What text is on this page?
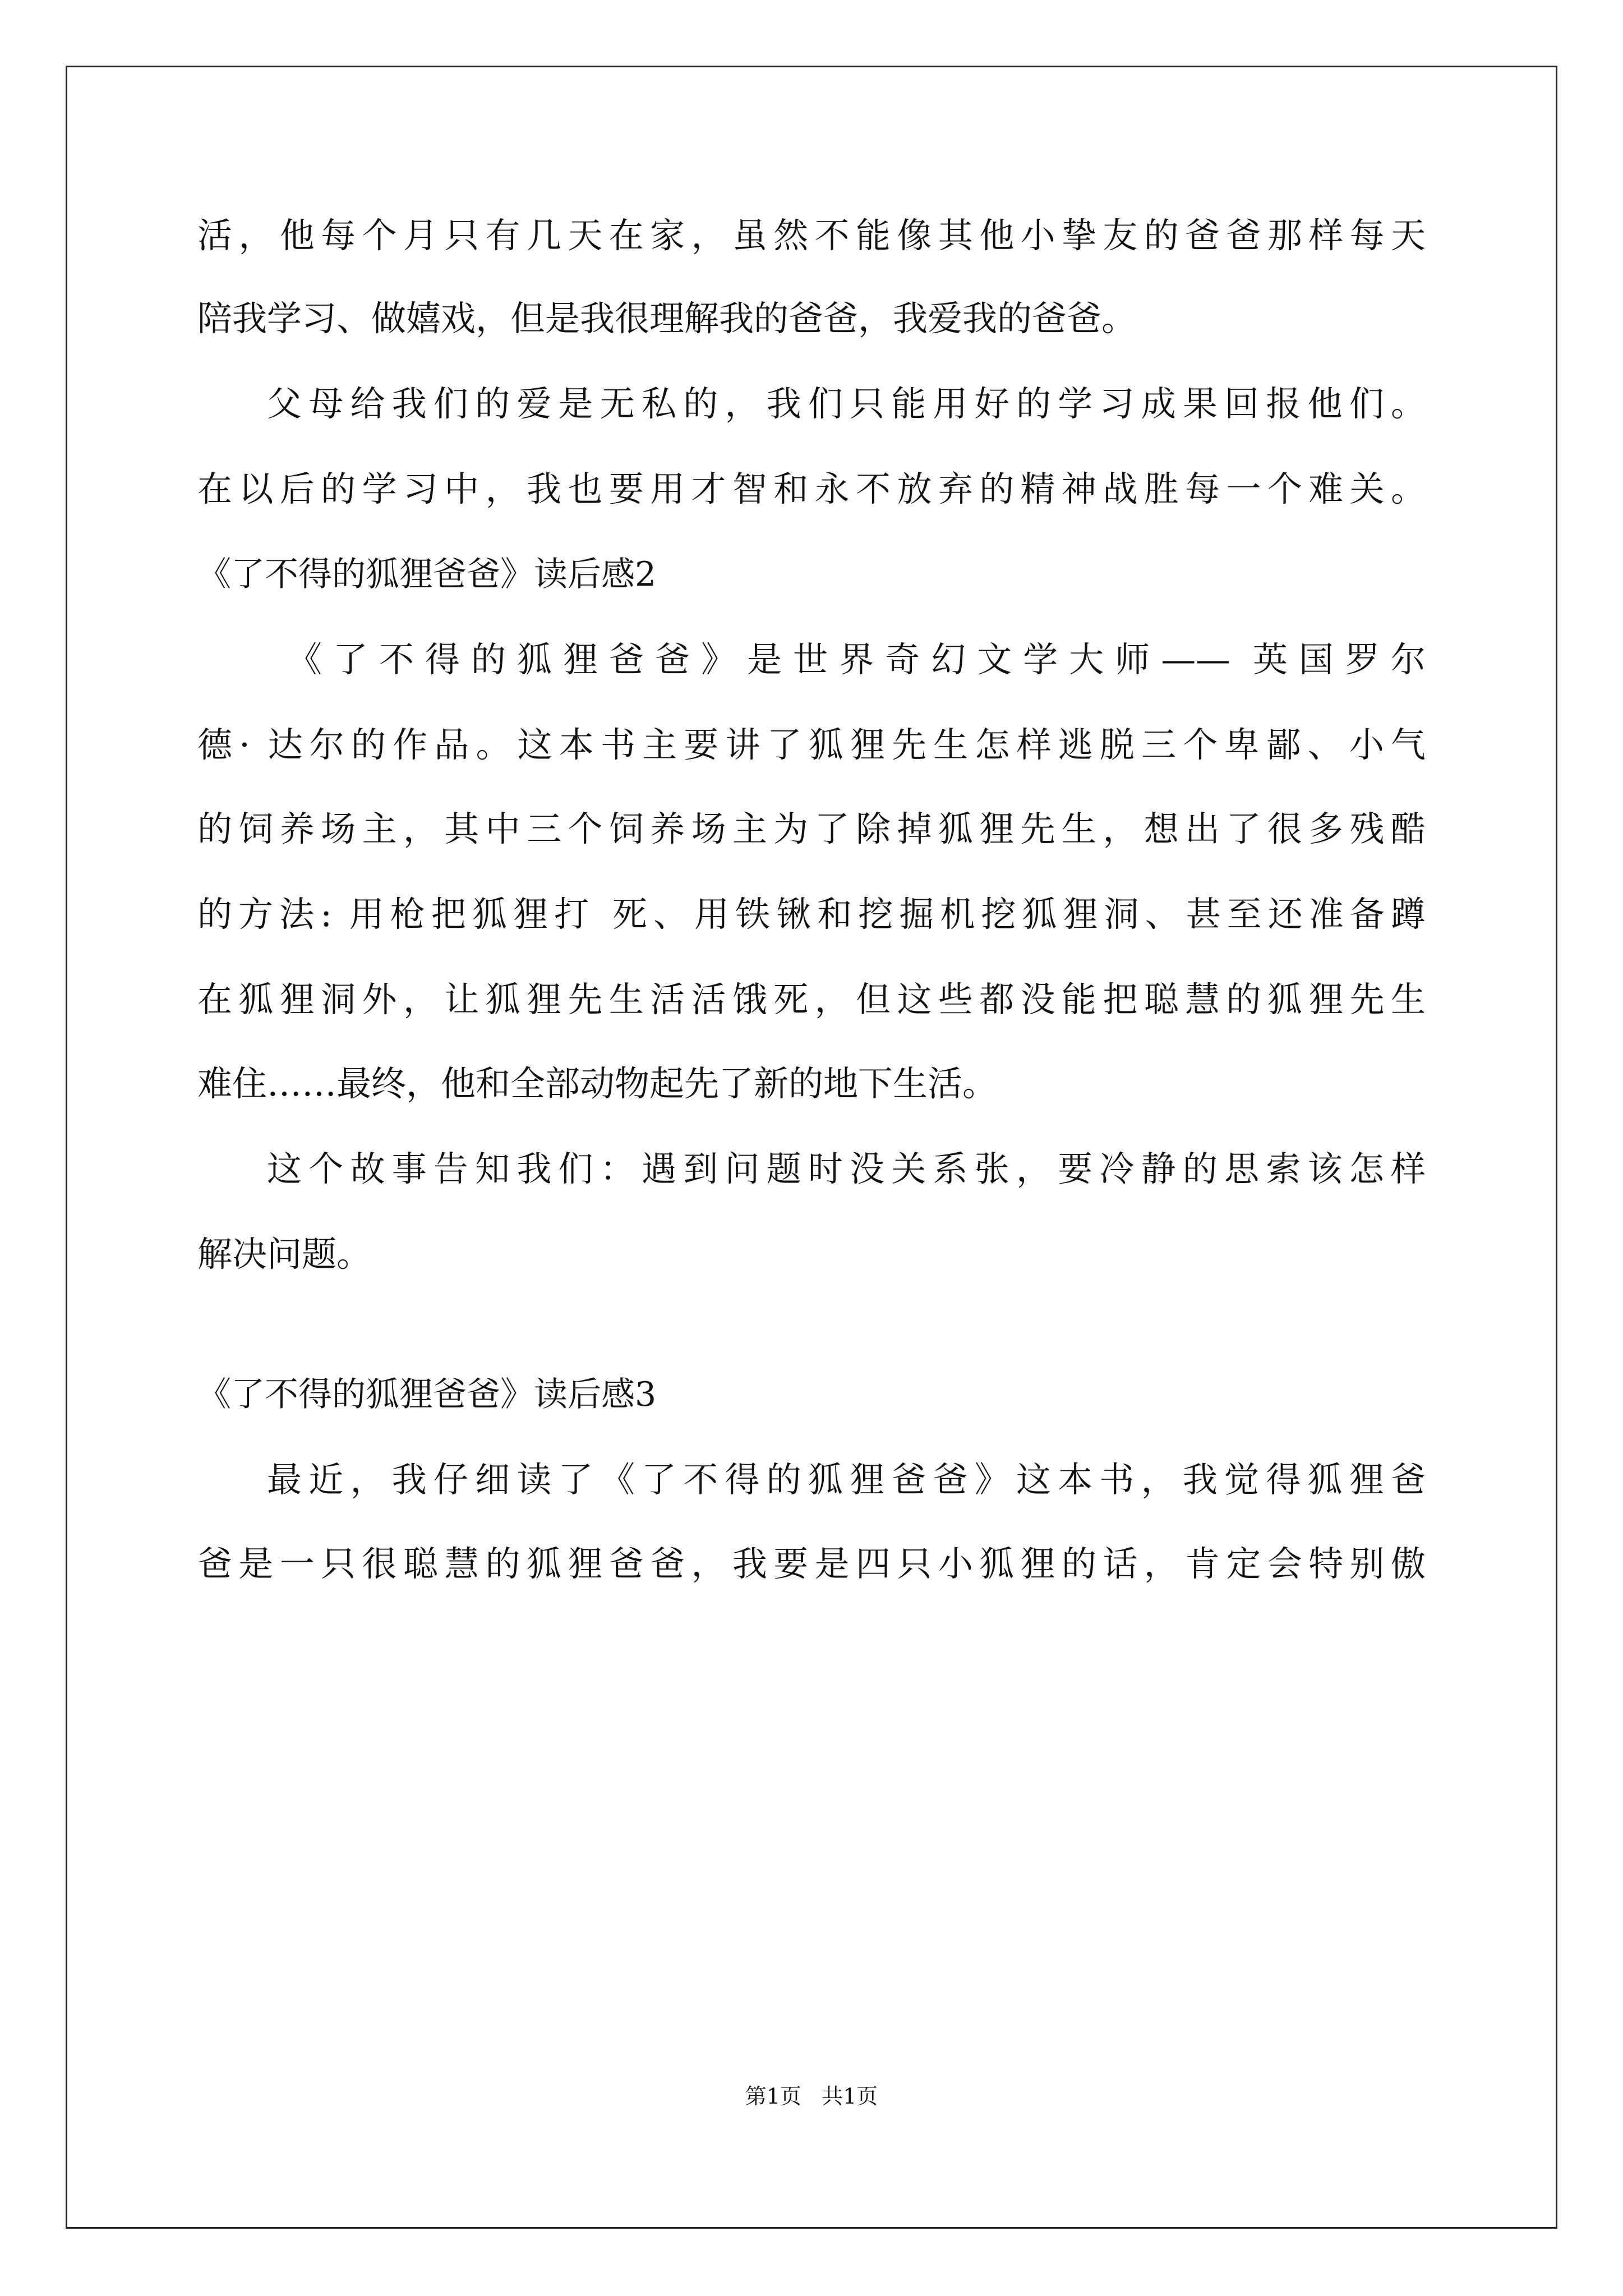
活，他每个月只有几天在家，虽然不能像其他小挚友的爸爸那样每天
陪我学习、做嬉戏，但是我很理解我的爸爸，我爱我的爸爸。
父母给我们的爱是无私的，我们只能用好的学习成果回报他们。
在以后的学习中，我也要用才智和永不放弃的精神战胜每一个难关。
《了不得的狐狸爸爸》读后感2
《了不得的狐狸爸爸》是世界奇幻文学大师—— 英国罗尔
德· 达尔的作品。这本书主要讲了狐狸先生怎样逃脱三个卑鄙、小气
的饲养场主，其中三个饲养场主为了除掉狐狸先生，想出了很多残酷
的方法: 用枪把狐狸打 死、用铁锹和挖掘机挖狐狸洞、甚至还准备蹲
在狐狸洞外，让狐狸先生活活饿死，但这些都没能把聪慧的狐狸先生
难住……最终，他和全部动物起先了新的地下生活。
这个故事告知我们：遇到问题时没关系张，要冷静的思索该怎样
解决问题。
《了不得的狐狸爸爸》读后感3
最近，我仔细读了《了不得的狐狸爸爸》这本书，我觉得狐狸爸
爸是一只很聪慧的狐狸爸爸，我要是四只小狐狸的话，肯定会特别傲
第1页   共1页
